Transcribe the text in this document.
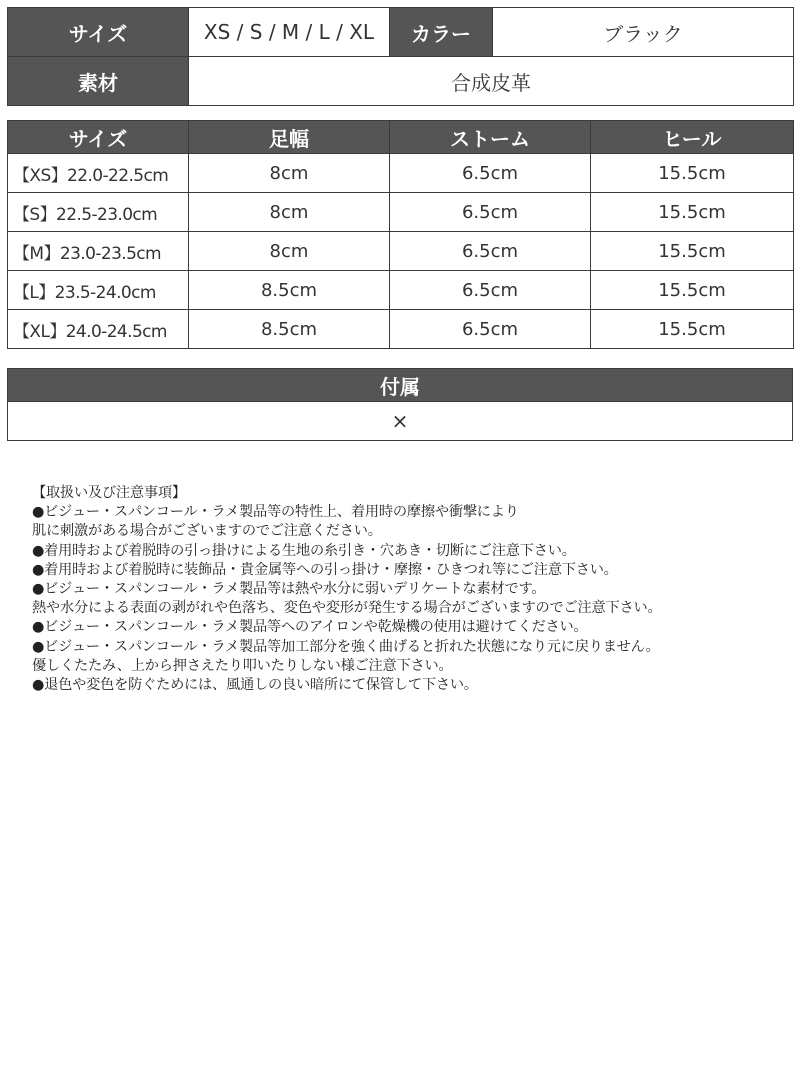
サイズ	XS / S / M / L / XL	カラー	ブラック
素材	合成皮革		
サイズ	足幅	ストーム	ヒール
【XS】22.0-22.5cm	8cm	6.5cm	15.5cm
【S】22.5-23.0cm	8cm	6.5cm	15.5cm
【M】23.0-23.5cm	8cm	6.5cm	15.5cm
【L】23.5-24.0cm	8.5cm	6.5cm	15.5cm
【XL】24.0-24.5cm	8.5cm	6.5cm	15.5cm
付属
×
【取扱い及び注意事項】
●ビジュー・スパンコール・ラメ製品等の特性上、着用時の摩擦や衝撃により
肌に刺激がある場合がございますのでご注意ください。
●着用時および着脱時の引っ掛けによる生地の糸引き・穴あき・切断にご注意下さい。
●着用時および着脱時に装飾品・貴金属等への引っ掛け・摩擦・ひきつれ等にご注意下さい。
●ビジュー・スパンコール・ラメ製品等は熱や水分に弱いデリケートな素材です。
熱や水分による表面の剥がれや色落ち、変色や変形が発生する場合がございますのでご注意下さい。
●ビジュー・スパンコール・ラメ製品等へのアイロンや乾燥機の使用は避けてください。
●ビジュー・スパンコール・ラメ製品等加工部分を強く曲げると折れた状態になり元に戻りません。
優しくたたみ、上から押さえたり叩いたりしない様ご注意下さい。
●退色や変色を防ぐためには、風通しの良い暗所にて保管して下さい。
